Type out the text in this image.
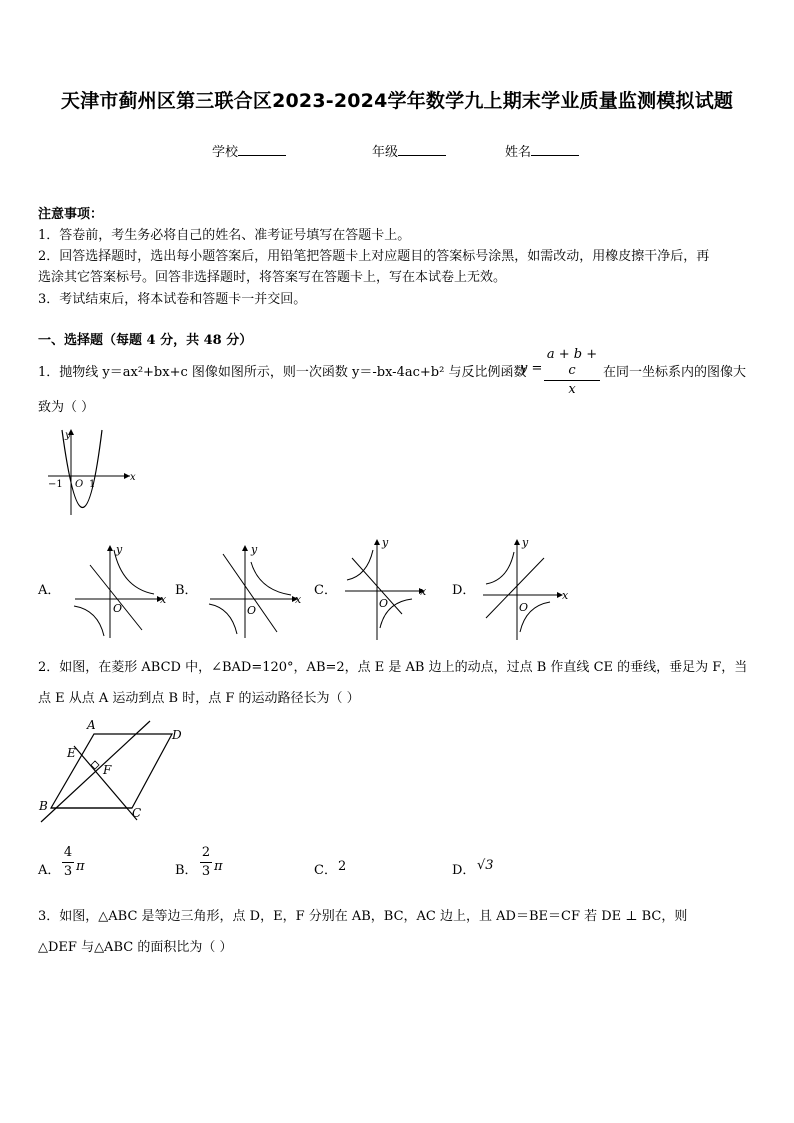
天津市蓟州区第三联合区2023-2024学年数学九上期末学业质量监测模拟试题
学校	年级	姓名
注意事项：
1．答卷前，考生务必将自己的姓名、准考证号填写在答题卡上。
2．回答选择题时，选出每小题答案后，用铅笔把答题卡上对应题目的答案标号涂黑，如需改动，用橡皮擦干净后，再
选涂其它答案标号。回答非选择题时，将答案写在答题卡上，写在本试卷上无效。
3．考试结束后，将本试卷和答题卡一并交回。
一、选择题（每题 4 分，共 48 分）
1．抛物线 y＝ax²+bx+c 图像如图所示，则一次函数 y＝-bx-4ac+b² 与反比例函数
y =
a + b + c
x
在同一坐标系内的图像大
致为（ ）
y
x
−1 O 1
A．
y
x
O
B．
y
x
O
C．
y
x
O
D．
y
x
O
2．如图，在菱形 ABCD 中，∠BAD=120°，AB=2，点 E 是 AB 边上的动点，过点 B 作直线 CE 的垂线，垂足为 F，当
点 E 从点 A 运动到点 B 时，点 F 的运动路径长为（ ）
A
D
B	C
E
F
A．
4
3 π	B．
2
3 π	C． 2	D． √3
3．如图，△ABC 是等边三角形，点 D，E，F 分别在 AB，BC，AC 边上，且 AD＝BE＝CF 若 DE ⊥ BC，则
△DEF 与△ABC 的面积比为（ ）
